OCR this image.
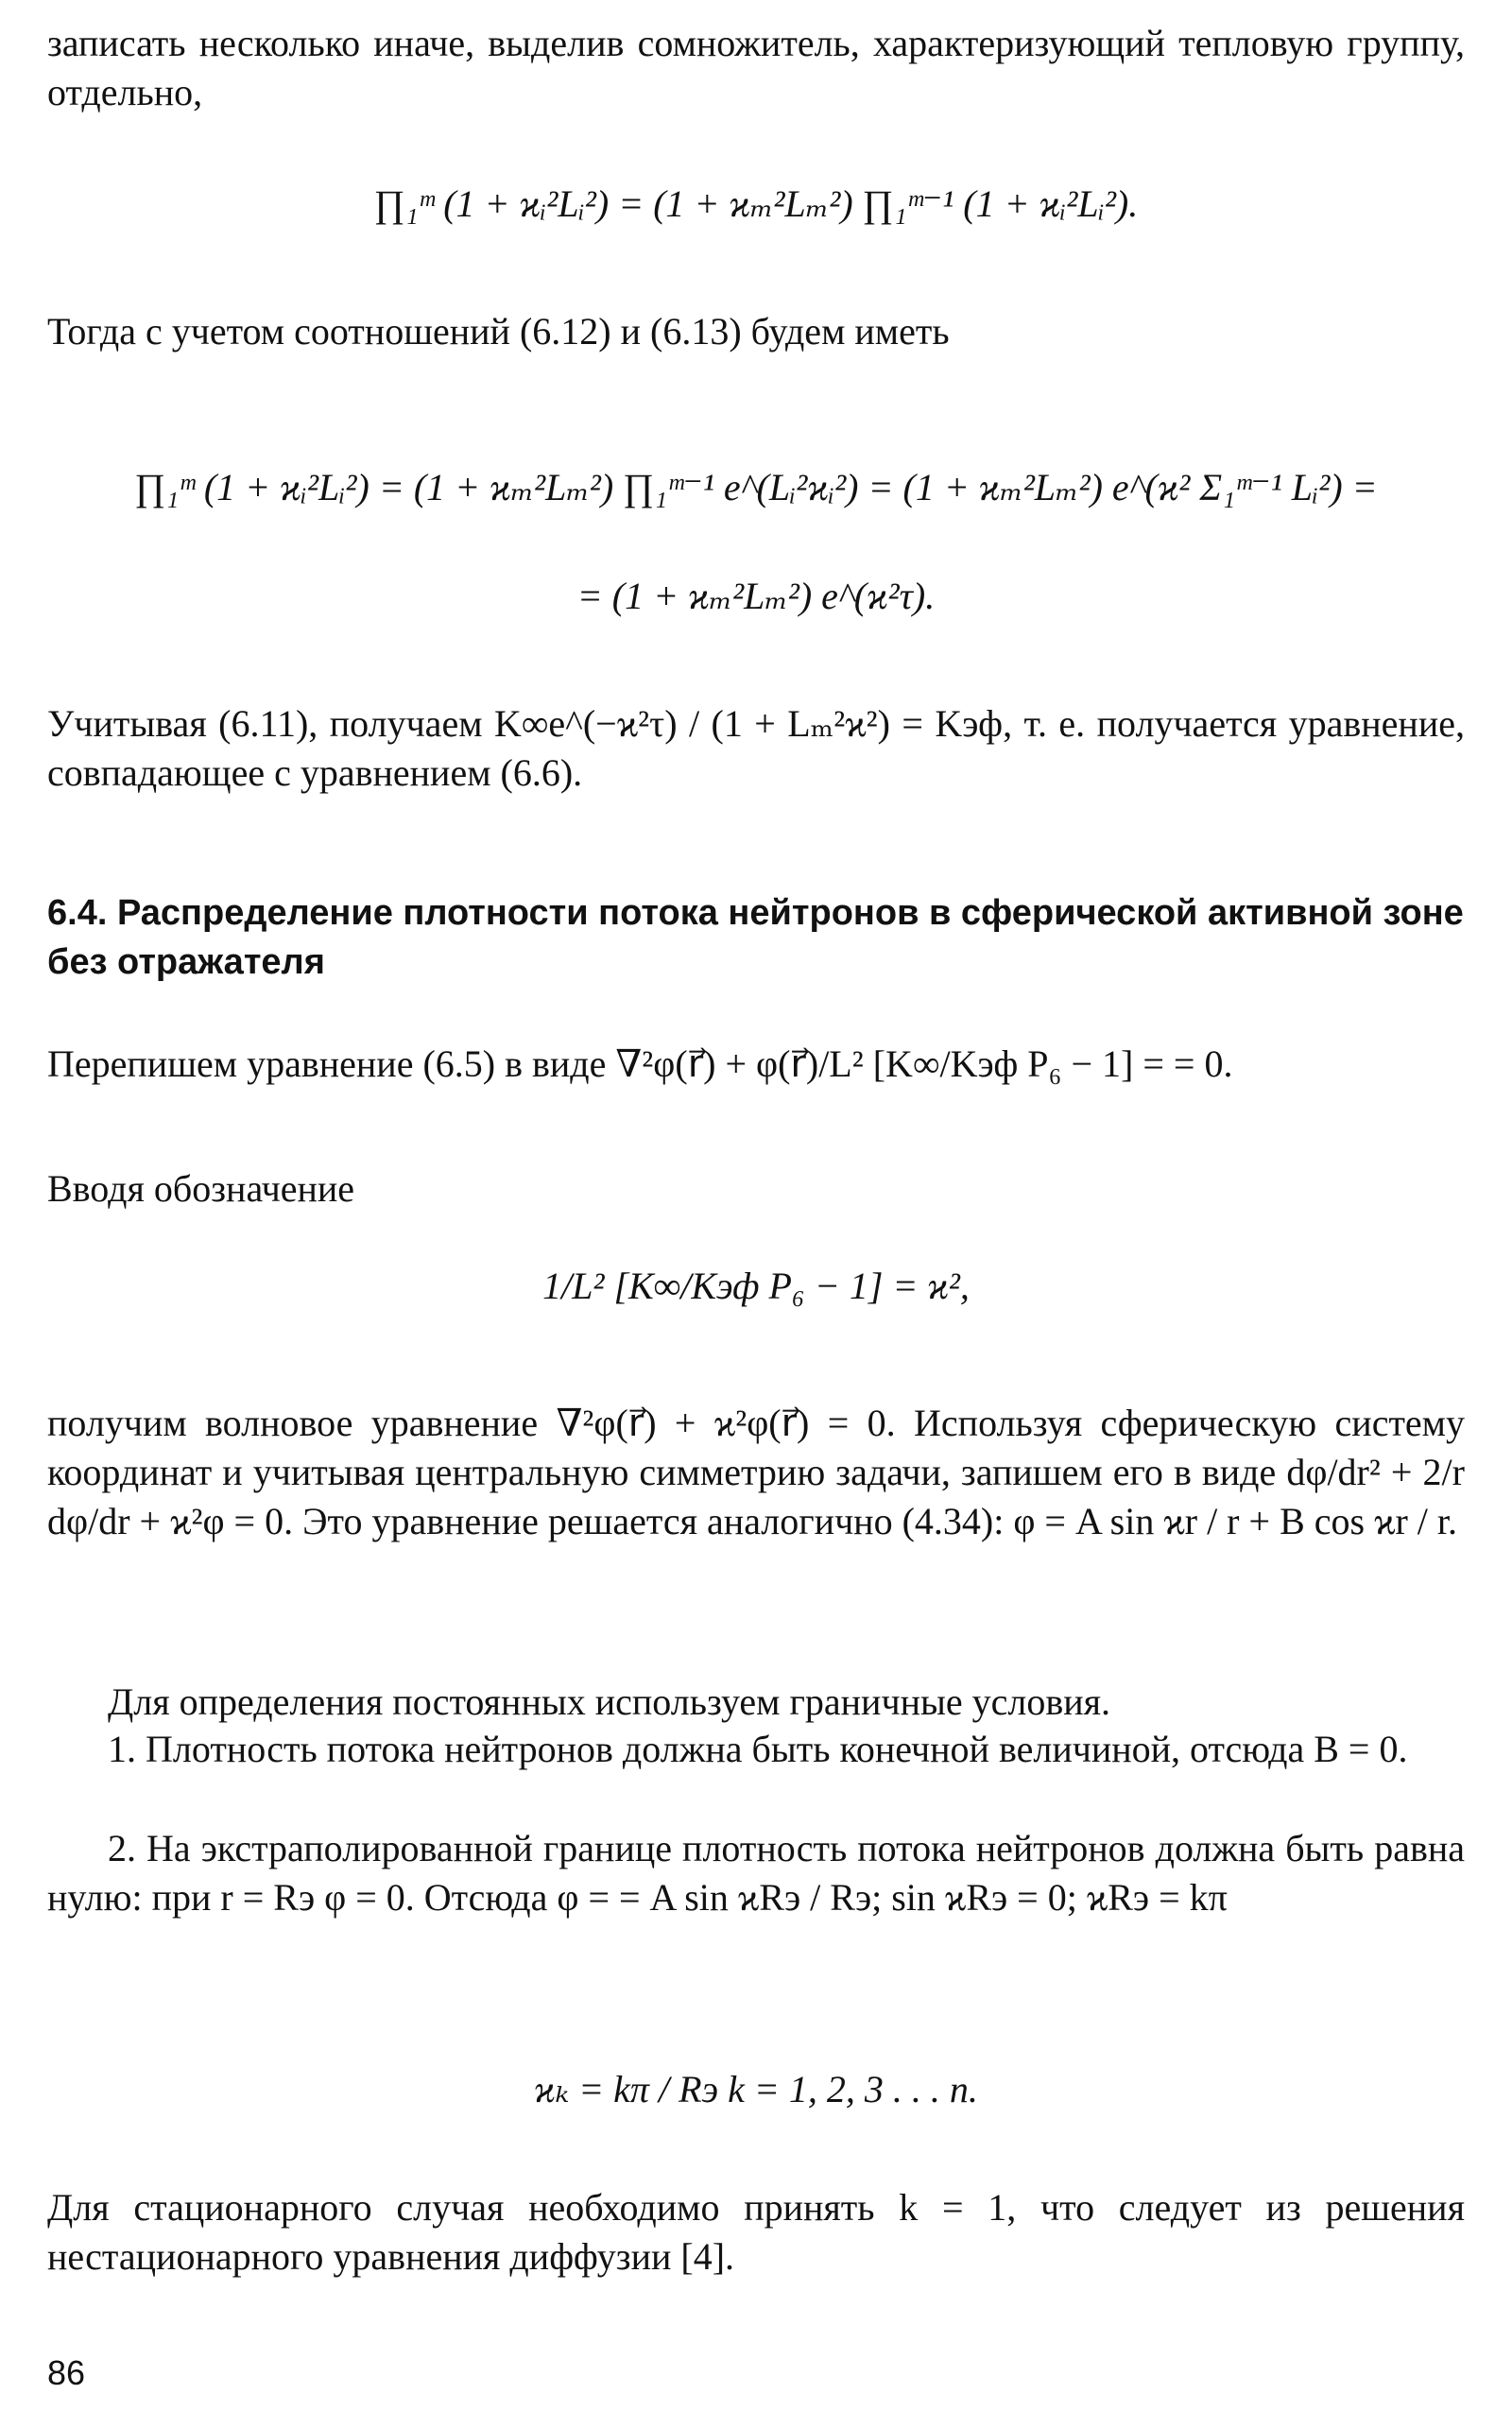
записать несколько иначе, выделив сомножитель, характеризующий тепловую группу, отдельно,
∏₁ᵐ (1 + ϰᵢ²Lᵢ²) = (1 + ϰₘ²Lₘ²) ∏₁ᵐ⁻¹ (1 + ϰᵢ²Lᵢ²).
Тогда с учетом соотношений (6.12) и (6.13) будем иметь
∏₁ᵐ (1 + ϰᵢ²Lᵢ²) = (1 + ϰₘ²Lₘ²) ∏₁ᵐ⁻¹ e^(Lᵢ²ϰᵢ²) = (1 + ϰₘ²Lₘ²) e^(ϰ² Σ₁ᵐ⁻¹ Lᵢ²) =
= (1 + ϰₘ²Lₘ²) e^(ϰ²τ).
Учитывая (6.11), получаем K∞e^(−ϰ²τ) / (1 + Lₘ²ϰ²) = Kэф, т. е. получается уравнение, совпадающее с уравнением (6.6).
6.4. Распределение плотности потока нейтронов в сферической активной зоне без отражателя
Перепишем уравнение (6.5) в виде ∇²φ(r⃗) + φ(r⃗)/L² [K∞/Kэф P₆ − 1] = = 0.
Вводя обозначение
1/L² [K∞/Kэф P₆ − 1] = ϰ²,
получим волновое уравнение ∇²φ(r⃗) + ϰ²φ(r⃗) = 0. Используя сферическую систему координат и учитывая центральную симметрию задачи, запишем его в виде dφ/dr² + 2/r dφ/dr + ϰ²φ = 0. Это уравнение решается аналогично (4.34): φ = A sin ϰr / r + B cos ϰr / r.
Для определения постоянных используем граничные условия.
1. Плотность потока нейтронов должна быть конечной величиной, отсюда B = 0.
2. На экстраполированной границе плотность потока нейтронов должна быть равна нулю: при r = Rэ φ = 0. Отсюда φ = = A sin ϰRэ / Rэ; sin ϰRэ = 0; ϰRэ = kπ
ϰₖ = kπ / Rэ k = 1, 2, 3 . . . n.
Для стационарного случая необходимо принять k = 1, что следует из решения нестационарного уравнения диффузии [4].
86
